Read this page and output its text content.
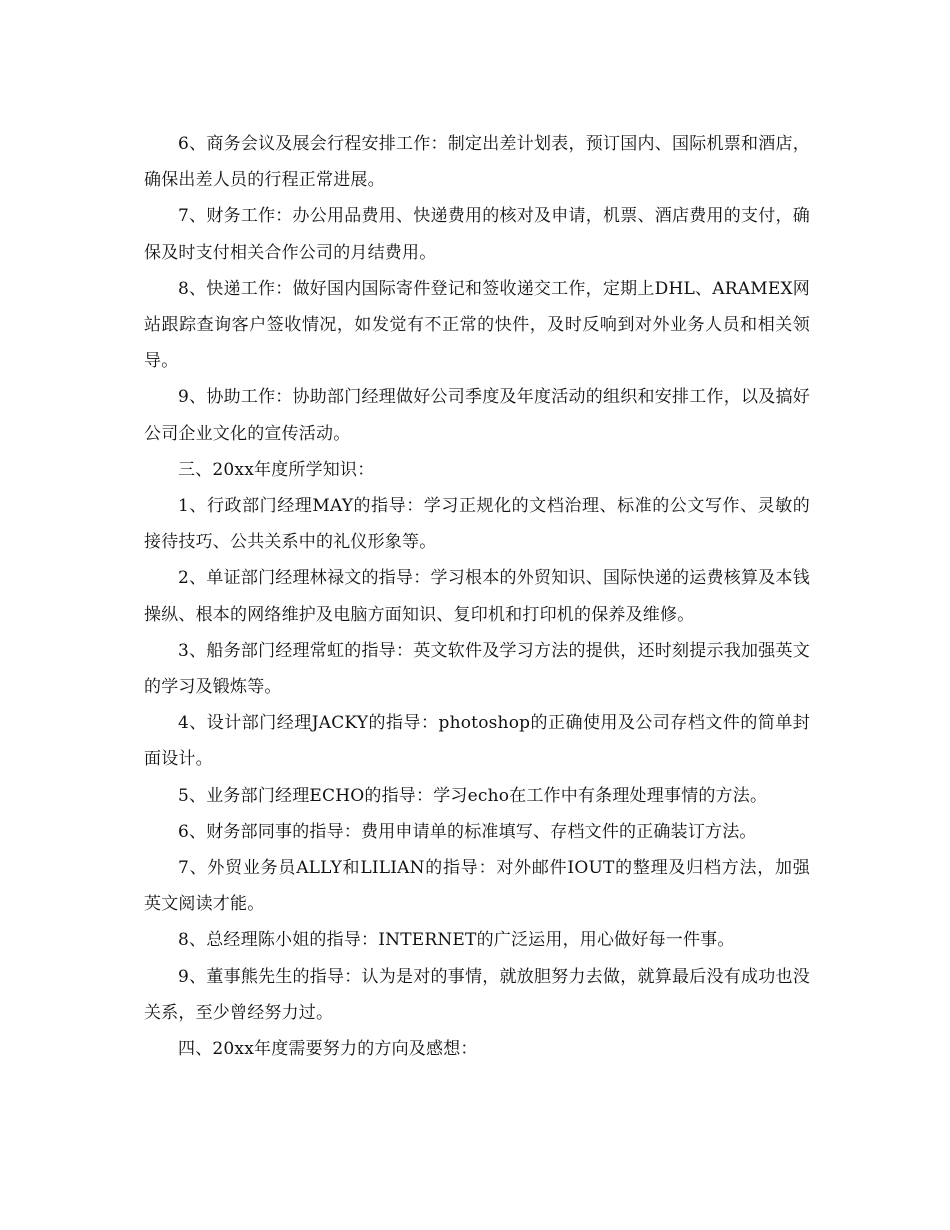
6、商务会议及展会行程安排工作：制定出差计划表，预订国内、国际机票和酒店，确保出差人员的行程正常进展。

7、财务工作：办公用品费用、快递费用的核对及申请，机票、酒店费用的支付，确保及时支付相关合作公司的月结费用。

8、快递工作：做好国内国际寄件登记和签收递交工作，定期上DHL、ARAMEX网站跟踪查询客户签收情况，如发觉有不正常的快件，及时反响到对外业务人员和相关领导。

9、协助工作：协助部门经理做好公司季度及年度活动的组织和安排工作，以及搞好公司企业文化的宣传活动。

三、20xx年度所学知识：

1、行政部门经理MAY的指导：学习正规化的文档治理、标准的公文写作、灵敏的接待技巧、公共关系中的礼仪形象等。

2、单证部门经理林禄文的指导：学习根本的外贸知识、国际快递的运费核算及本钱操纵、根本的网络维护及电脑方面知识、复印机和打印机的保养及维修。

3、船务部门经理常虹的指导：英文软件及学习方法的提供，还时刻提示我加强英文的学习及锻炼等。

4、设计部门经理JACKY的指导：photoshop的正确使用及公司存档文件的简单封面设计。

5、业务部门经理ECHO的指导：学习echo在工作中有条理处理事情的方法。

6、财务部同事的指导：费用申请单的标准填写、存档文件的正确装订方法。

7、外贸业务员ALLY和LILIAN的指导：对外邮件IOUT的整理及归档方法，加强英文阅读才能。

8、总经理陈小姐的指导：INTERNET的广泛运用，用心做好每一件事。

9、董事熊先生的指导：认为是对的事情，就放胆努力去做，就算最后没有成功也没关系，至少曾经努力过。

四、20xx年度需要努力的方向及感想：
